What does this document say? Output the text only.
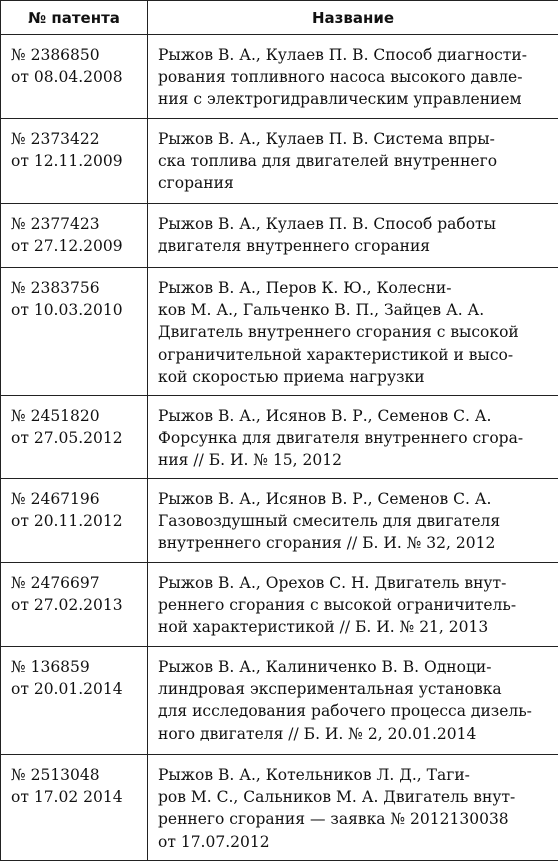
№ патента	Название

№ 2386850
от 08.04.2008	Рыжов В. А., Кулаев П. В. Способ диагности-
рования топливного насоса высокого давле-
ния с электрогидравлическим управлением

№ 2373422
от 12.11.2009	Рыжов В. А., Кулаев П. В. Система впры-
ска топлива для двигателей внутреннего
сгорания

№ 2377423
от 27.12.2009	Рыжов В. А., Кулаев П. В. Способ работы
двигателя внутреннего сгорания

№ 2383756
от 10.03.2010	Рыжов В. А., Перов К. Ю., Колесни-
ков М. А., Гальченко В. П., Зайцев А. А.
Двигатель внутреннего сгорания с высокой
ограничительной характеристикой и высо-
кой скоростью приема нагрузки

№ 2451820
от 27.05.2012	Рыжов В. А., Исянов В. Р., Семенов С. А.
Форсунка для двигателя внутреннего сгора-
ния // Б. И. № 15, 2012

№ 2467196
от 20.11.2012	Рыжов В. А., Исянов В. Р., Семенов С. А.
Газовоздушный смеситель для двигателя
внутреннего сгорания // Б. И. № 32, 2012

№ 2476697
от 27.02.2013	Рыжов В. А., Орехов С. Н. Двигатель внут-
реннего сгорания с высокой ограничитель-
ной характеристикой // Б. И. № 21, 2013

№ 136859
от 20.01.2014	Рыжов В. А., Калиниченко В. В. Одноци-
линдровая экспериментальная установка
для исследования рабочего процесса дизель-
ного двигателя // Б. И. № 2, 20.01.2014

№ 2513048
от 17.02 2014	Рыжов В. А., Котельников Л. Д., Таги-
ров М. С., Сальников М. А. Двигатель внут-
реннего сгорания — заявка № 2012130038
от 17.07.2012
